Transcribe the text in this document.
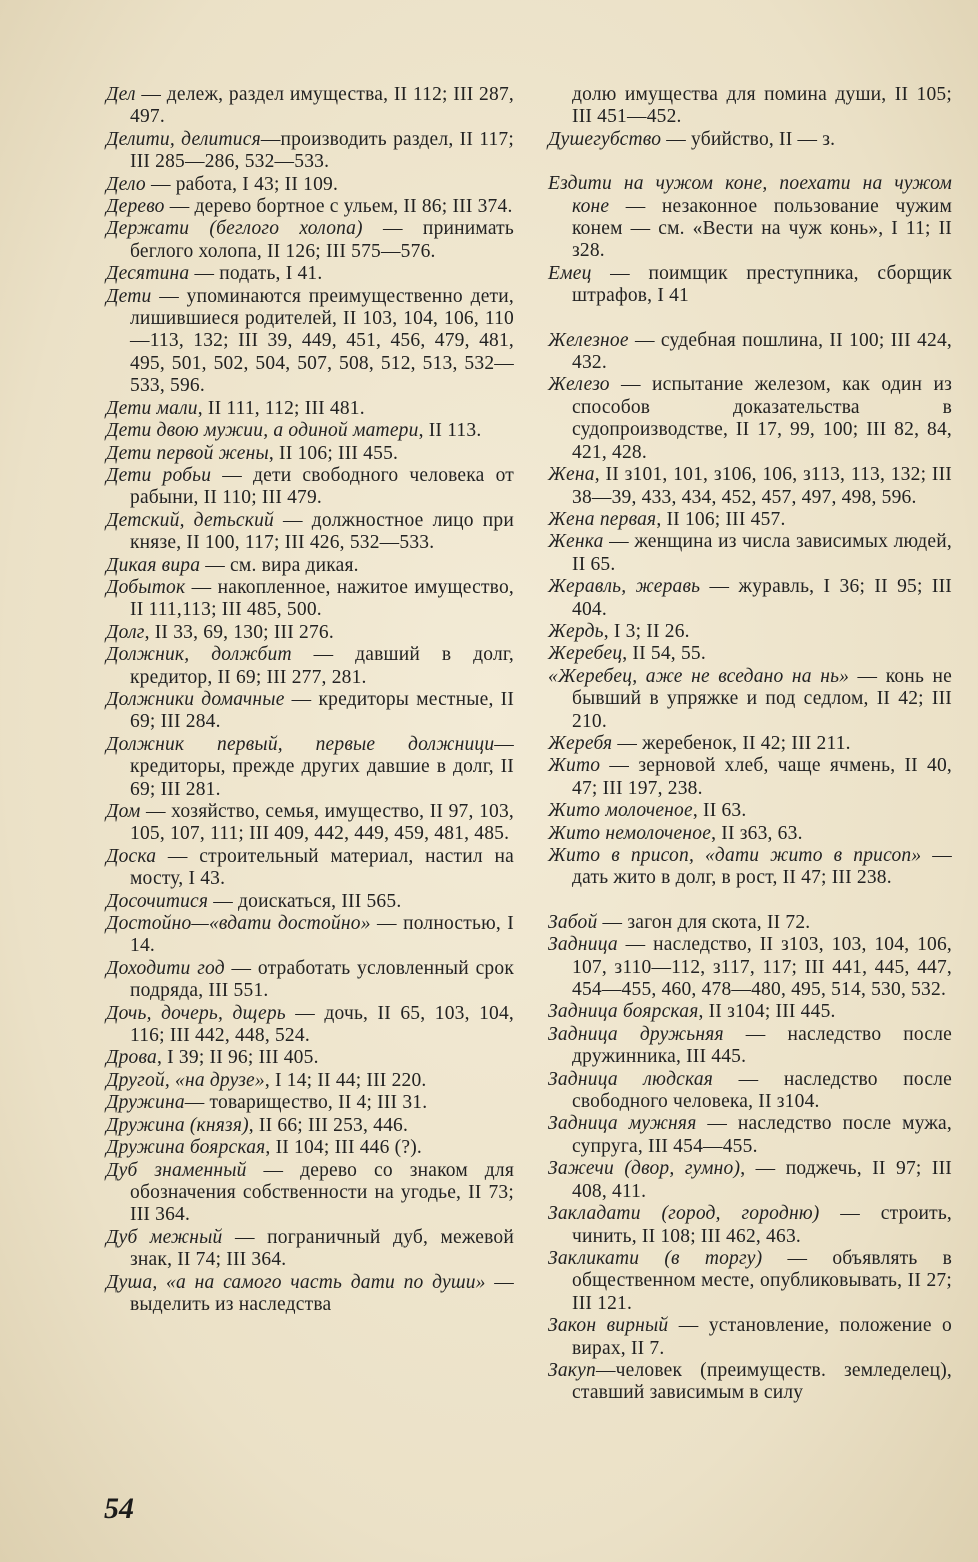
Дел — дележ, раздел имущества, II 112; III 287, 497.

Делити, делитися—производить раздел, II 117; III 285—286, 532—533.

Дело — работа, I 43; II 109.

Дерево — дерево бортное с ульем, II 86; III 374.

Держати (беглого холопа) — принимать беглого холопа, II 126; III 575—576.

Десятина — подать, I 41.

Дети — упоминаются преимущественно дети, лишившиеся родителей, II 103, 104, 106, 110—113, 132; III 39, 449, 451, 456, 479, 481, 495, 501, 502, 504, 507, 508, 512, 513, 532—533, 596.

Дети мали, II 111, 112; III 481.

Дети двою мужии, а одиной матери, II 113.

Дети первой жены, II 106; III 455.

Дети робьи — дети свободного человека от рабыни, II 110; III 479.

Детский, детьский — должностное лицо при князе, II 100, 117; III 426, 532—533.

Дикая вира — см. вира дикая.

Добыток — накопленное, нажитое имущество, II 111,113; III 485, 500.

Долг, II 33, 69, 130; III 276.

Должник, должбит — давший в долг, кредитор, II 69; III 277, 281.

Должники домачные — кредиторы местные, II 69; III 284.

Должник первый, первые должници— кредиторы, прежде других давшие в долг, II 69; III 281.

Дом — хозяйство, семья, имущество, II 97, 103, 105, 107, 111; III 409, 442, 449, 459, 481, 485.

Доска — строительный материал, настил на мосту, I 43.

Досочитися — доискаться, III 565.

Достойно—«вдати достойно» — полностью, I 14.

Доходити год — отработать условленный срок подряда, III 551.

Дочь, дочерь, дщерь — дочь, II 65, 103, 104, 116; III 442, 448, 524.

Дрова, I 39; II 96; III 405.

Другой, «на друзе», I 14; II 44; III 220.

Дружина— товарищество, II 4; III 31.

Дружина (князя), II 66; III 253, 446.

Дружина боярская, II 104; III 446 (?).

Дуб знаменный — дерево со знаком для обозначения собственности на угодье, II 73; III 364.

Дуб межный — пограничный дуб, межевой знак, II 74; III 364.

Душа, «а на самого часть дати по души» — выделить из наследства

долю имущества для помина души, II 105; III 451—452.

Душегубство — убийство, II — з.

Ездити на чужом коне, поехати на чужом коне — незаконное пользование чужим конем — см. «Вести на чуж конь», I 11; II з28.

Емец — поимщик преступника, сборщик штрафов, I 41

Железное — судебная пошлина, II 100; III 424, 432.

Железо — испытание железом, как один из способов доказательства в судопроизводстве, II 17, 99, 100; III 82, 84, 421, 428.

Жена, II з101, 101, з106, 106, з113, 113, 132; III 38—39, 433, 434, 452, 457, 497, 498, 596.

Жена первая, II 106; III 457.

Женка — женщина из числа зависимых людей, II 65.

Жеравль, жеравь — журавль, I 36; II 95; III 404.

Жердь, I 3; II 26.

Жеребец, II 54, 55.

«Жеребец, аже не вседано на нь» — конь не бывший в упряжке и под седлом, II 42; III 210.

Жеребя — жеребенок, II 42; III 211.

Жито — зерновой хлеб, чаще ячмень, II 40, 47; III 197, 238.

Жито молоченое, II 63.

Жито немолоченое, II з63, 63.

Жито в присоп, «дати жито в присоп» — дать жито в долг, в рост, II 47; III 238.

Забой — загон для скота, II 72.

Задница — наследство, II з103, 103, 104, 106, 107, з110—112, з117, 117; III 441, 445, 447, 454—455, 460, 478—480, 495, 514, 530, 532.

Задница боярская, II з104; III 445.

Задница дружьняя — наследство после дружинника, III 445.

Задница людская — наследство после свободного человека, II з104.

Задница мужняя — наследство после мужа, супруга, III 454—455.

Зажечи (двор, гумно), — поджечь, II 97; III 408, 411.

Закладати (город, городню) — строить, чинить, II 108; III 462, 463.

Закликати (в торгу) — объявлять в общественном месте, опубликовывать, II 27; III 121.

Закон вирный — установление, положение о вирах, II 7.

Закуп—человек (преимуществ. земледелец), ставший зависимым в силу

54
